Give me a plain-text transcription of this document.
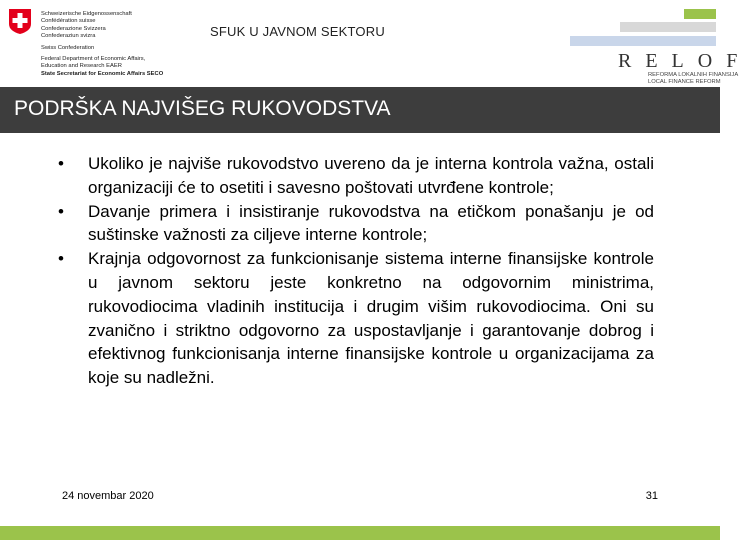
Schweizerische Eidgenossenschaft
Confédération suisse
Confederazione Svizzera
Confederaziun svizra
Swiss Confederation
Federal Department of Economic Affairs,
Education and Research EAER
State Secretariat for Economic Affairs SECO
SFUK U JAVNOM SEKTORU
RELOF
REFORMA LOKALNIH FINANSIJA
LOCAL FINANCE REFORM
PODRŠKA NAJVIŠEG RUKOVODSTVA
• Ukoliko je najviše rukovodstvo uvereno da je interna kontrola važna, ostali organizaciji će to osetiti i savesno poštovati utvrđene kontrole;
• Davanje primera i insistiranje rukovodstva na etičkom ponašanju je od suštinske važnosti za ciljeve interne kontrole;
• Krajnja odgovornost za funkcionisanje sistema interne finansijske kontrole u javnom sektoru jeste konkretno na odgovornim ministrima, rukovodiocima vladinih institucija i drugim višim rukovodiocima. Oni su zvanično i striktno odgovorno za uspostavljanje i garantovanje dobrog i efektivnog funkcionisanja interne finansijske kontrole u organizacijama za koje su nadležni.
24 novembar 2020	31
